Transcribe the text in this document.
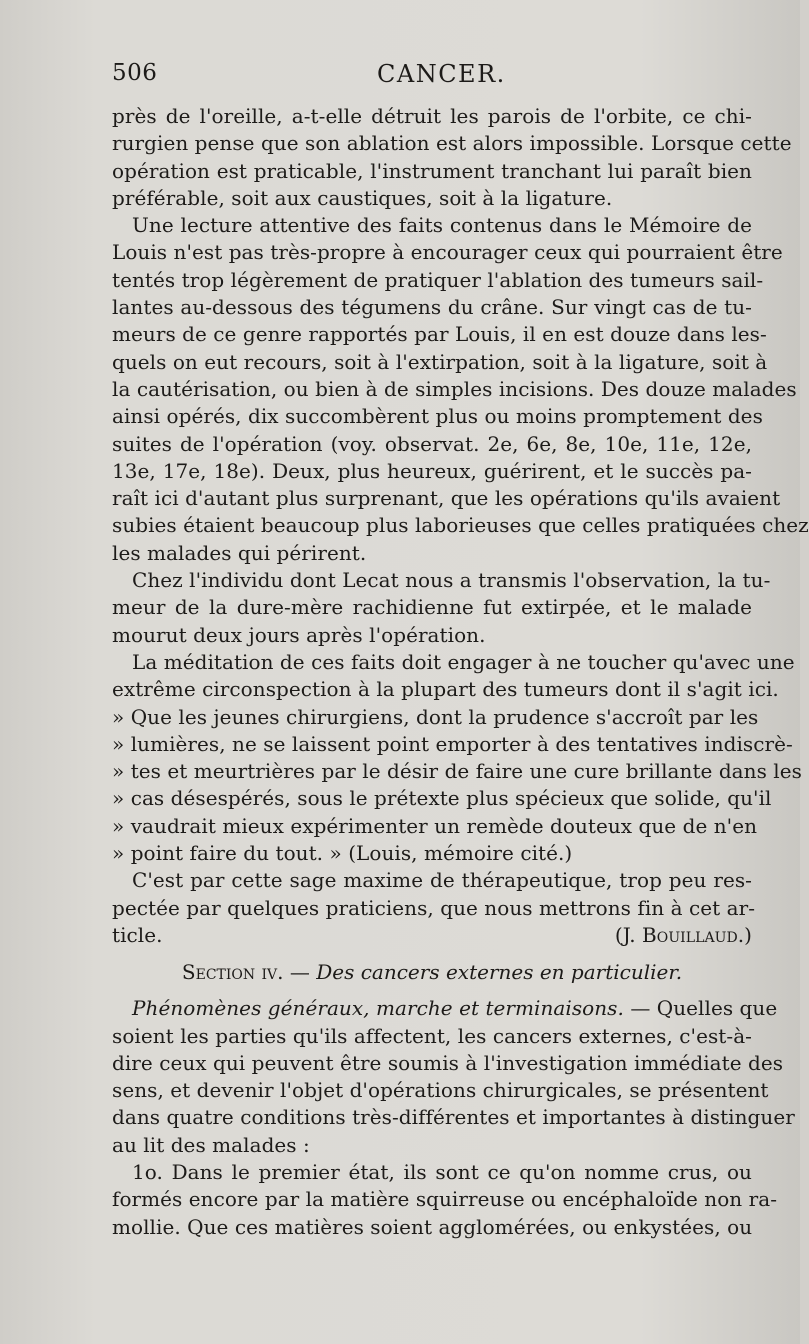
506	CANCER.
près de l'oreille, a-t-elle détruit les parois de l'orbite, ce chi-
rurgien pense que son ablation est alors impossible. Lorsque cette
opération est praticable, l'instrument tranchant lui paraît bien
préférable, soit aux caustiques, soit à la ligature.
Une lecture attentive des faits contenus dans le Mémoire de
Louis n'est pas très-propre à encourager ceux qui pourraient être
tentés trop légèrement de pratiquer l'ablation des tumeurs sail-
lantes au-dessous des tégumens du crâne. Sur vingt cas de tu-
meurs de ce genre rapportés par Louis, il en est douze dans les-
quels on eut recours, soit à l'extirpation, soit à la ligature, soit à
la cautérisation, ou bien à de simples incisions. Des douze malades
ainsi opérés, dix succombèrent plus ou moins promptement des
suites de l'opération (voy. observat. 2e, 6e, 8e, 10e, 11e, 12e,
13e, 17e, 18e). Deux, plus heureux, guérirent, et le succès pa-
raît ici d'autant plus surprenant, que les opérations qu'ils avaient
subies étaient beaucoup plus laborieuses que celles pratiquées chez
les malades qui périrent.
Chez l'individu dont Lecat nous a transmis l'observation, la tu-
meur de la dure-mère rachidienne fut extirpée, et le malade
mourut deux jours après l'opération.
La méditation de ces faits doit engager à ne toucher qu'avec une
extrême circonspection à la plupart des tumeurs dont il s'agit ici.
» Que les jeunes chirurgiens, dont la prudence s'accroît par les
» lumières, ne se laissent point emporter à des tentatives indiscrè-
» tes et meurtrières par le désir de faire une cure brillante dans les
» cas désespérés, sous le prétexte plus spécieux que solide, qu'il
» vaudrait mieux expérimenter un remède douteux que de n'en
» point faire du tout. » (Louis, mémoire cité.)
C'est par cette sage maxime de thérapeutique, trop peu res-
pectée par quelques praticiens, que nous mettrons fin à cet ar-
ticle.	(J. Bouillaud.)
Section iv. — Des cancers externes en particulier.
Phénomènes généraux, marche et terminaisons. — Quelles que
soient les parties qu'ils affectent, les cancers externes, c'est-à-
dire ceux qui peuvent être soumis à l'investigation immédiate des
sens, et devenir l'objet d'opérations chirurgicales, se présentent
dans quatre conditions très-différentes et importantes à distinguer
au lit des malades :
1o. Dans le premier état, ils sont ce qu'on nomme crus, ou
formés encore par la matière squirreuse ou encéphaloïde non ra-
mollie. Que ces matières soient agglomérées, ou enkystées, ou
